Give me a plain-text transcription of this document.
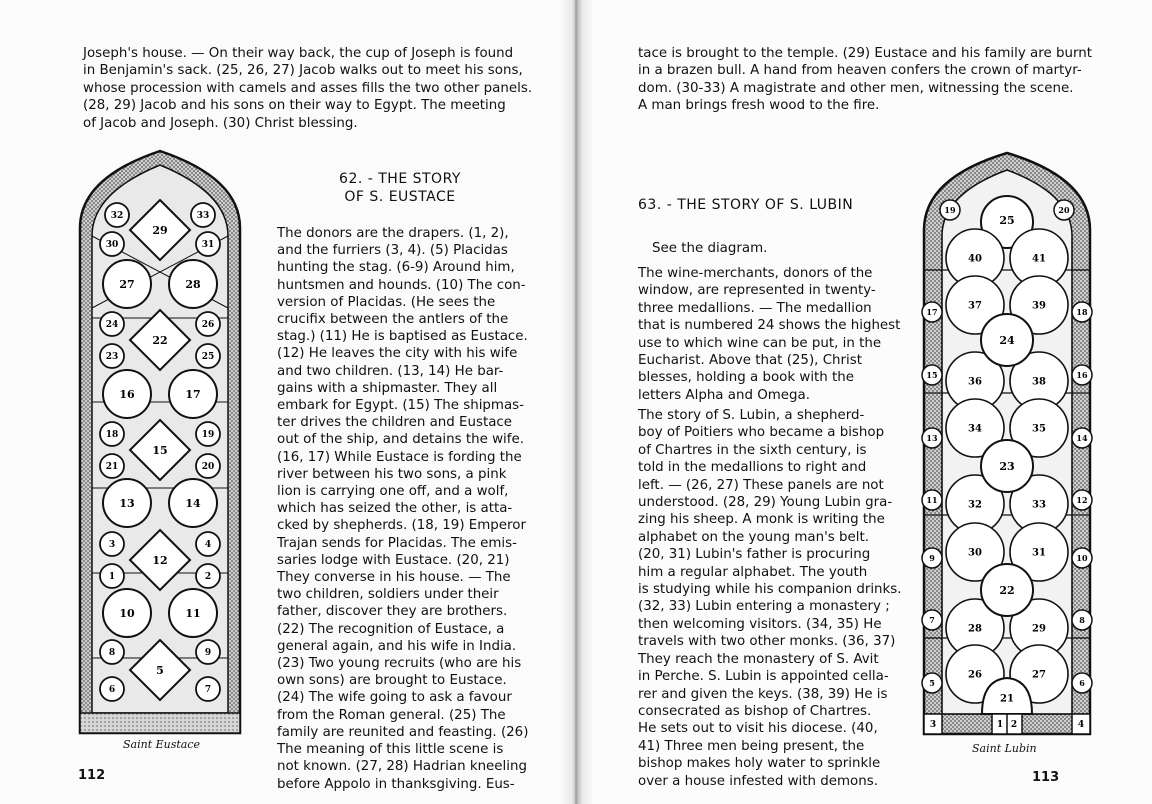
Joseph's house. — On their way back, the cup of Joseph is found
in Benjamin's sack. (25, 26, 27) Jacob walks out to meet his sons,
whose procession with camels and asses fills the two other panels.
(28, 29) Jacob and his sons on their way to Egypt. The meeting
of Jacob and Joseph. (30) Christ blessing.
62. - THE STORY
OF S. EUSTACE
The donors are the drapers. (1, 2),
and the furriers (3, 4). (5) Placidas
hunting the stag. (6-9) Around him,
huntsmen and hounds. (10) The con-
version of Placidas. (He sees the
crucifix between the antlers of the
stag.) (11) He is baptised as Eustace.
(12) He leaves the city with his wife
and two children. (13, 14) He bar-
gains with a shipmaster. They all
embark for Egypt. (15) The shipmas-
ter drives the children and Eustace
out of the ship, and detains the wife.
(16, 17) While Eustace is fording the
river between his two sons, a pink
lion is carrying one off, and a wolf,
which has seized the other, is atta-
cked by shepherds. (18, 19) Emperor
Trajan sends for Placidas. The emis-
saries lodge with Eustace. (20, 21)
They converse in his house. — The
two children, soldiers under their
father, discover they are brothers.
(22) The recognition of Eustace, a
general again, and his wife in India.
(23) Two young recruits (who are his
own sons) are brought to Eustace.
(24) The wife going to ask a favour
from the Roman general. (25) The
family are reunited and feasting. (26)
The meaning of this little scene is
not known. (27, 28) Hadrian kneeling
before Appolo in thanksgiving. Eus-
27	28
16	17
13	14
10	11
29
22
15
12
5
32	33
30	31
24	26
23	25
18	19
21	20
3	4
1	2
8	9
6	7
Saint Eustace
112
tace is brought to the temple. (29) Eustace and his family are burnt
in a brazen bull. A hand from heaven confers the crown of martyr-
dom. (30-33) A magistrate and other men, witnessing the scene.
A man brings fresh wood to the fire.
63. - THE STORY OF S. LUBIN
See the diagram.
The wine-merchants, donors of the
window, are represented in twenty-
three medallions. — The medallion
that is numbered 24 shows the highest
use to which wine can be put, in the
Eucharist. Above that (25), Christ
blesses, holding a book with the
letters Alpha and Omega.
The story of S. Lubin, a shepherd-
boy of Poitiers who became a bishop
of Chartres in the sixth century, is
told in the medallions to right and
left. — (26, 27) These panels are not
understood. (28, 29) Young Lubin gra-
zing his sheep. A monk is writing the
alphabet on the young man's belt.
(20, 31) Lubin's father is procuring
him a regular alphabet. The youth
is studying while his companion drinks.
(32, 33) Lubin entering a monastery ;
then welcoming visitors. (34, 35) He
travels with two other monks. (36, 37)
They reach the monastery of S. Avit
in Perche. S. Lubin is appointed cella-
rer and given the keys. (38, 39) He is
consecrated as bishop of Chartres.
He sets out to visit his diocese. (40,
41) Three men being present, the
bishop makes holy water to sprinkle
over a house infested with demons.
25
24
23
22
40	41
37	39
36	38
34	35
32	33
30	31
28	29
26	27
21
17	18
15	16
13	14
11	12
9	10
7	8
5	6
19	20
3	4
1 2
Saint Lubin
113
